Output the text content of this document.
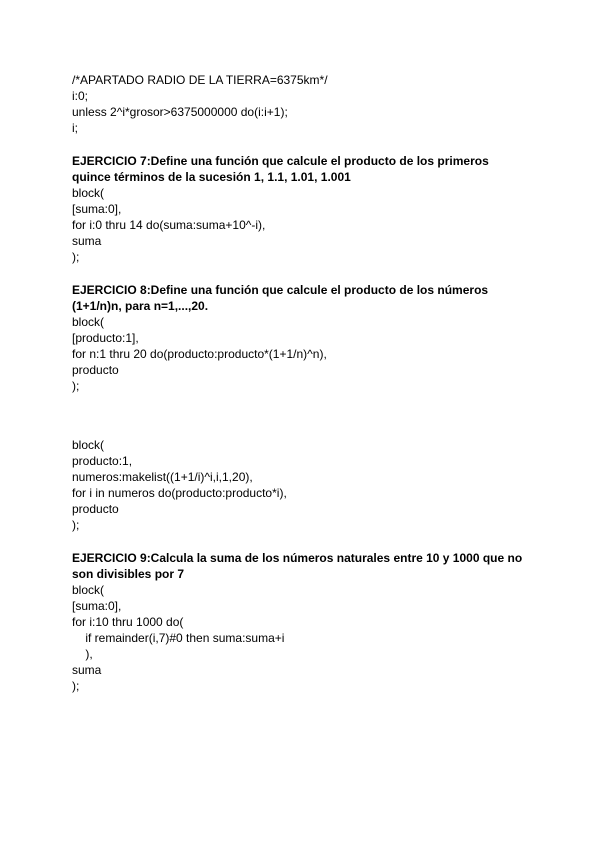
/*APARTADO RADIO DE LA TIERRA=6375km*/
i:0;
unless 2^i*grosor>6375000000 do(i:i+1);
i;
EJERCICIO 7:Define una función que calcule el producto de los primeros
quince términos de la sucesión 1, 1.1, 1.01, 1.001
block(
[suma:0],
for i:0 thru 14 do(suma:suma+10^-i),
suma
);
EJERCICIO 8:Define una función que calcule el producto de los números
(1+1/n)n, para n=1,...,20.
block(
[producto:1],
for n:1 thru 20 do(producto:producto*(1+1/n)^n),
producto
);
block(
producto:1,
numeros:makelist((1+1/i)^i,i,1,20),
for i in numeros do(producto:producto*i),
producto
);
EJERCICIO 9:Calcula la suma de los números naturales entre 10 y 1000 que no
son divisibles por 7
block(
[suma:0],
for i:10 thru 1000 do(
if remainder(i,7)#0 then suma:suma+i
),
suma
);
